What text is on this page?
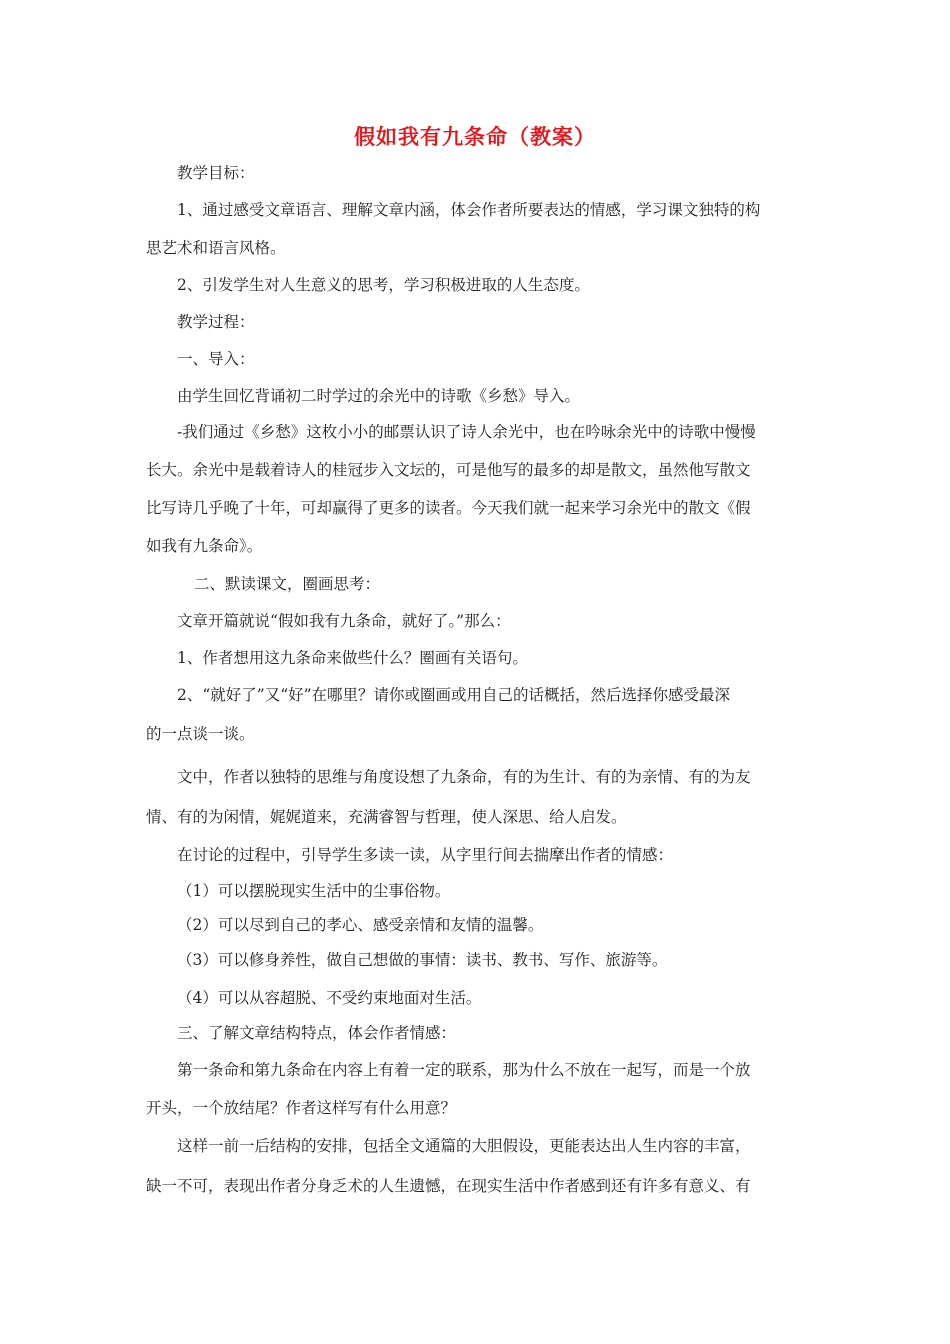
假如我有九条命（教案）
教学目标：
1、通过感受文章语言、理解文章内涵，体会作者所要表达的情感，学习课文独特的构
思艺术和语言风格。
2、引发学生对人生意义的思考，学习积极进取的人生态度。
教学过程：
一、导入：
由学生回忆背诵初二时学过的余光中的诗歌《乡愁》导入。
-我们通过《乡愁》这枚小小的邮票认识了诗人余光中，也在吟咏余光中的诗歌中慢慢
长大。余光中是载着诗人的桂冠步入文坛的，可是他写的最多的却是散文，虽然他写散文
比写诗几乎晚了十年，可却赢得了更多的读者。今天我们就一起来学习余光中的散文《假
如我有九条命》。
二、默读课文，圈画思考：
文章开篇就说“假如我有九条命，就好了。”那么：
1、作者想用这九条命来做些什么？圈画有关语句。
2、“就好了”又“好”在哪里？请你或圈画或用自己的话概括，然后选择你感受最深
的一点谈一谈。
文中，作者以独特的思维与角度设想了九条命，有的为生计、有的为亲情、有的为友
情、有的为闲情，娓娓道来，充满睿智与哲理，使人深思、给人启发。
在讨论的过程中，引导学生多读一读，从字里行间去揣摩出作者的情感：
（1）可以摆脱现实生活中的尘事俗物。
（2）可以尽到自己的孝心、感受亲情和友情的温馨。
（3）可以修身养性，做自己想做的事情：读书、教书、写作、旅游等。
（4）可以从容超脱、不受约束地面对生活。
三、了解文章结构特点，体会作者情感：
第一条命和第九条命在内容上有着一定的联系，那为什么不放在一起写，而是一个放
开头，一个放结尾？作者这样写有什么用意？
这样一前一后结构的安排，包括全文通篇的大胆假设，更能表达出人生内容的丰富，
缺一不可，表现出作者分身乏术的人生遗憾，在现实生活中作者感到还有许多有意义、有
